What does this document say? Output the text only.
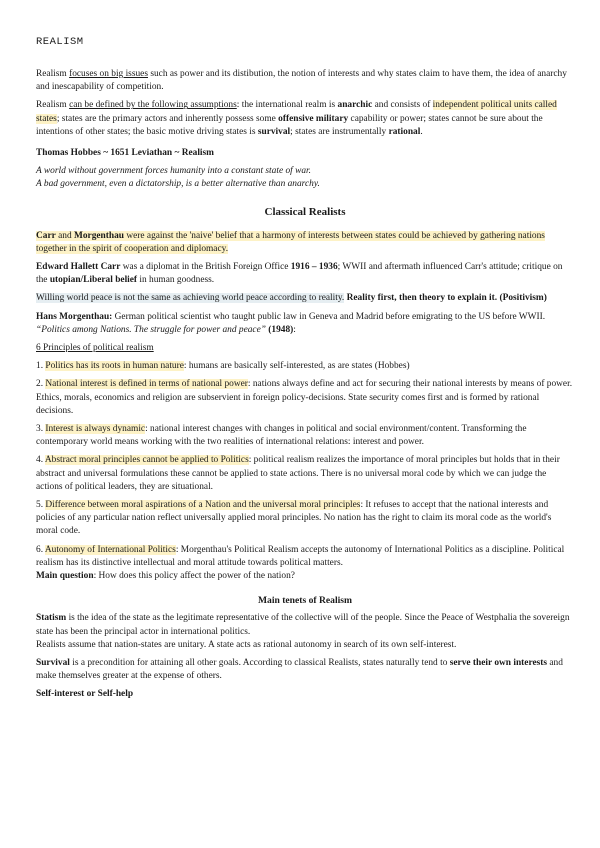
REALISM

Realism focuses on big issues such as power and its distibution, the notion of interests and why states claim to have them, the idea of anarchy and inescapability of competition.

Realism can be defined by the following assumptions: the international realm is anarchic and consists of independent political units called states; states are the primary actors and inherently possess some offensive military capability or power; states cannot be sure about the intentions of other states; the basic motive driving states is survival; states are instrumentally rational.

Thomas Hobbes ~ 1651 Leviathan ~ Realism

A world without government forces humanity into a constant state of war.

A bad government, even a dictatorship, is a better alternative than anarchy.

Classical Realists

Carr and Morgenthau were against the 'naive' belief that a harmony of interests between states could be achieved by gathering nations together in the spirit of cooperation and diplomacy.

Edward Hallett Carr was a diplomat in the British Foreign Office 1916 – 1936; WWII and aftermath influenced Carr's attitude; critique on the utopian/Liberal belief in human goodness.

Willing world peace is not the same as achieving world peace according to reality. Reality first, then theory to explain it. (Positivism)

Hans Morgenthau: German political scientist who taught public law in Geneva and Madrid before emigrating to the US before WWII. “Politics among Nations. The struggle for power and peace” (1948):

6 Principles of political realism

1. Politics has its roots in human nature: humans are basically self-interested, as are states (Hobbes)

2. National interest is defined in terms of national power: nations always define and act for securing their national interests by means of power. Ethics, morals, economics and religion are subservient in foreign policy-decisions. State security comes first and is formed by rational decisions.

3. Interest is always dynamic: national interest changes with changes in political and social environment/content. Transforming the contemporary world means working with the two realities of international relations: interest and power.

4. Abstract moral principles cannot be applied to Politics: political realism realizes the importance of moral principles but holds that in their abstract and universal formulations these cannot be applied to state actions. There is no universal moral code by which we can judge the actions of political leaders, they are situational.

5. Difference between moral aspirations of a Nation and the universal moral principles: It refuses to accept that the national interests and policies of any particular nation reflect universally applied moral principles. No nation has the right to claim its moral code as the world's moral code.

6. Autonomy of International Politics: Morgenthau's Political Realism accepts the autonomy of International Politics as a discipline. Political realism has its distinctive intellectual and moral attitude towards political matters.

Main question: How does this policy affect the power of the nation?

Main tenets of Realism

Statism is the idea of the state as the legitimate representative of the collective will of the people. Since the Peace of Westphalia the sovereign state has been the principal actor in international politics.

Realists assume that nation-states are unitary. A state acts as rational autonomy in search of its own self-interest.

Survival is a precondition for attaining all other goals. According to classical Realists, states naturally tend to serve their own interests and make themselves greater at the expense of others.

Self-interest or Self-help
